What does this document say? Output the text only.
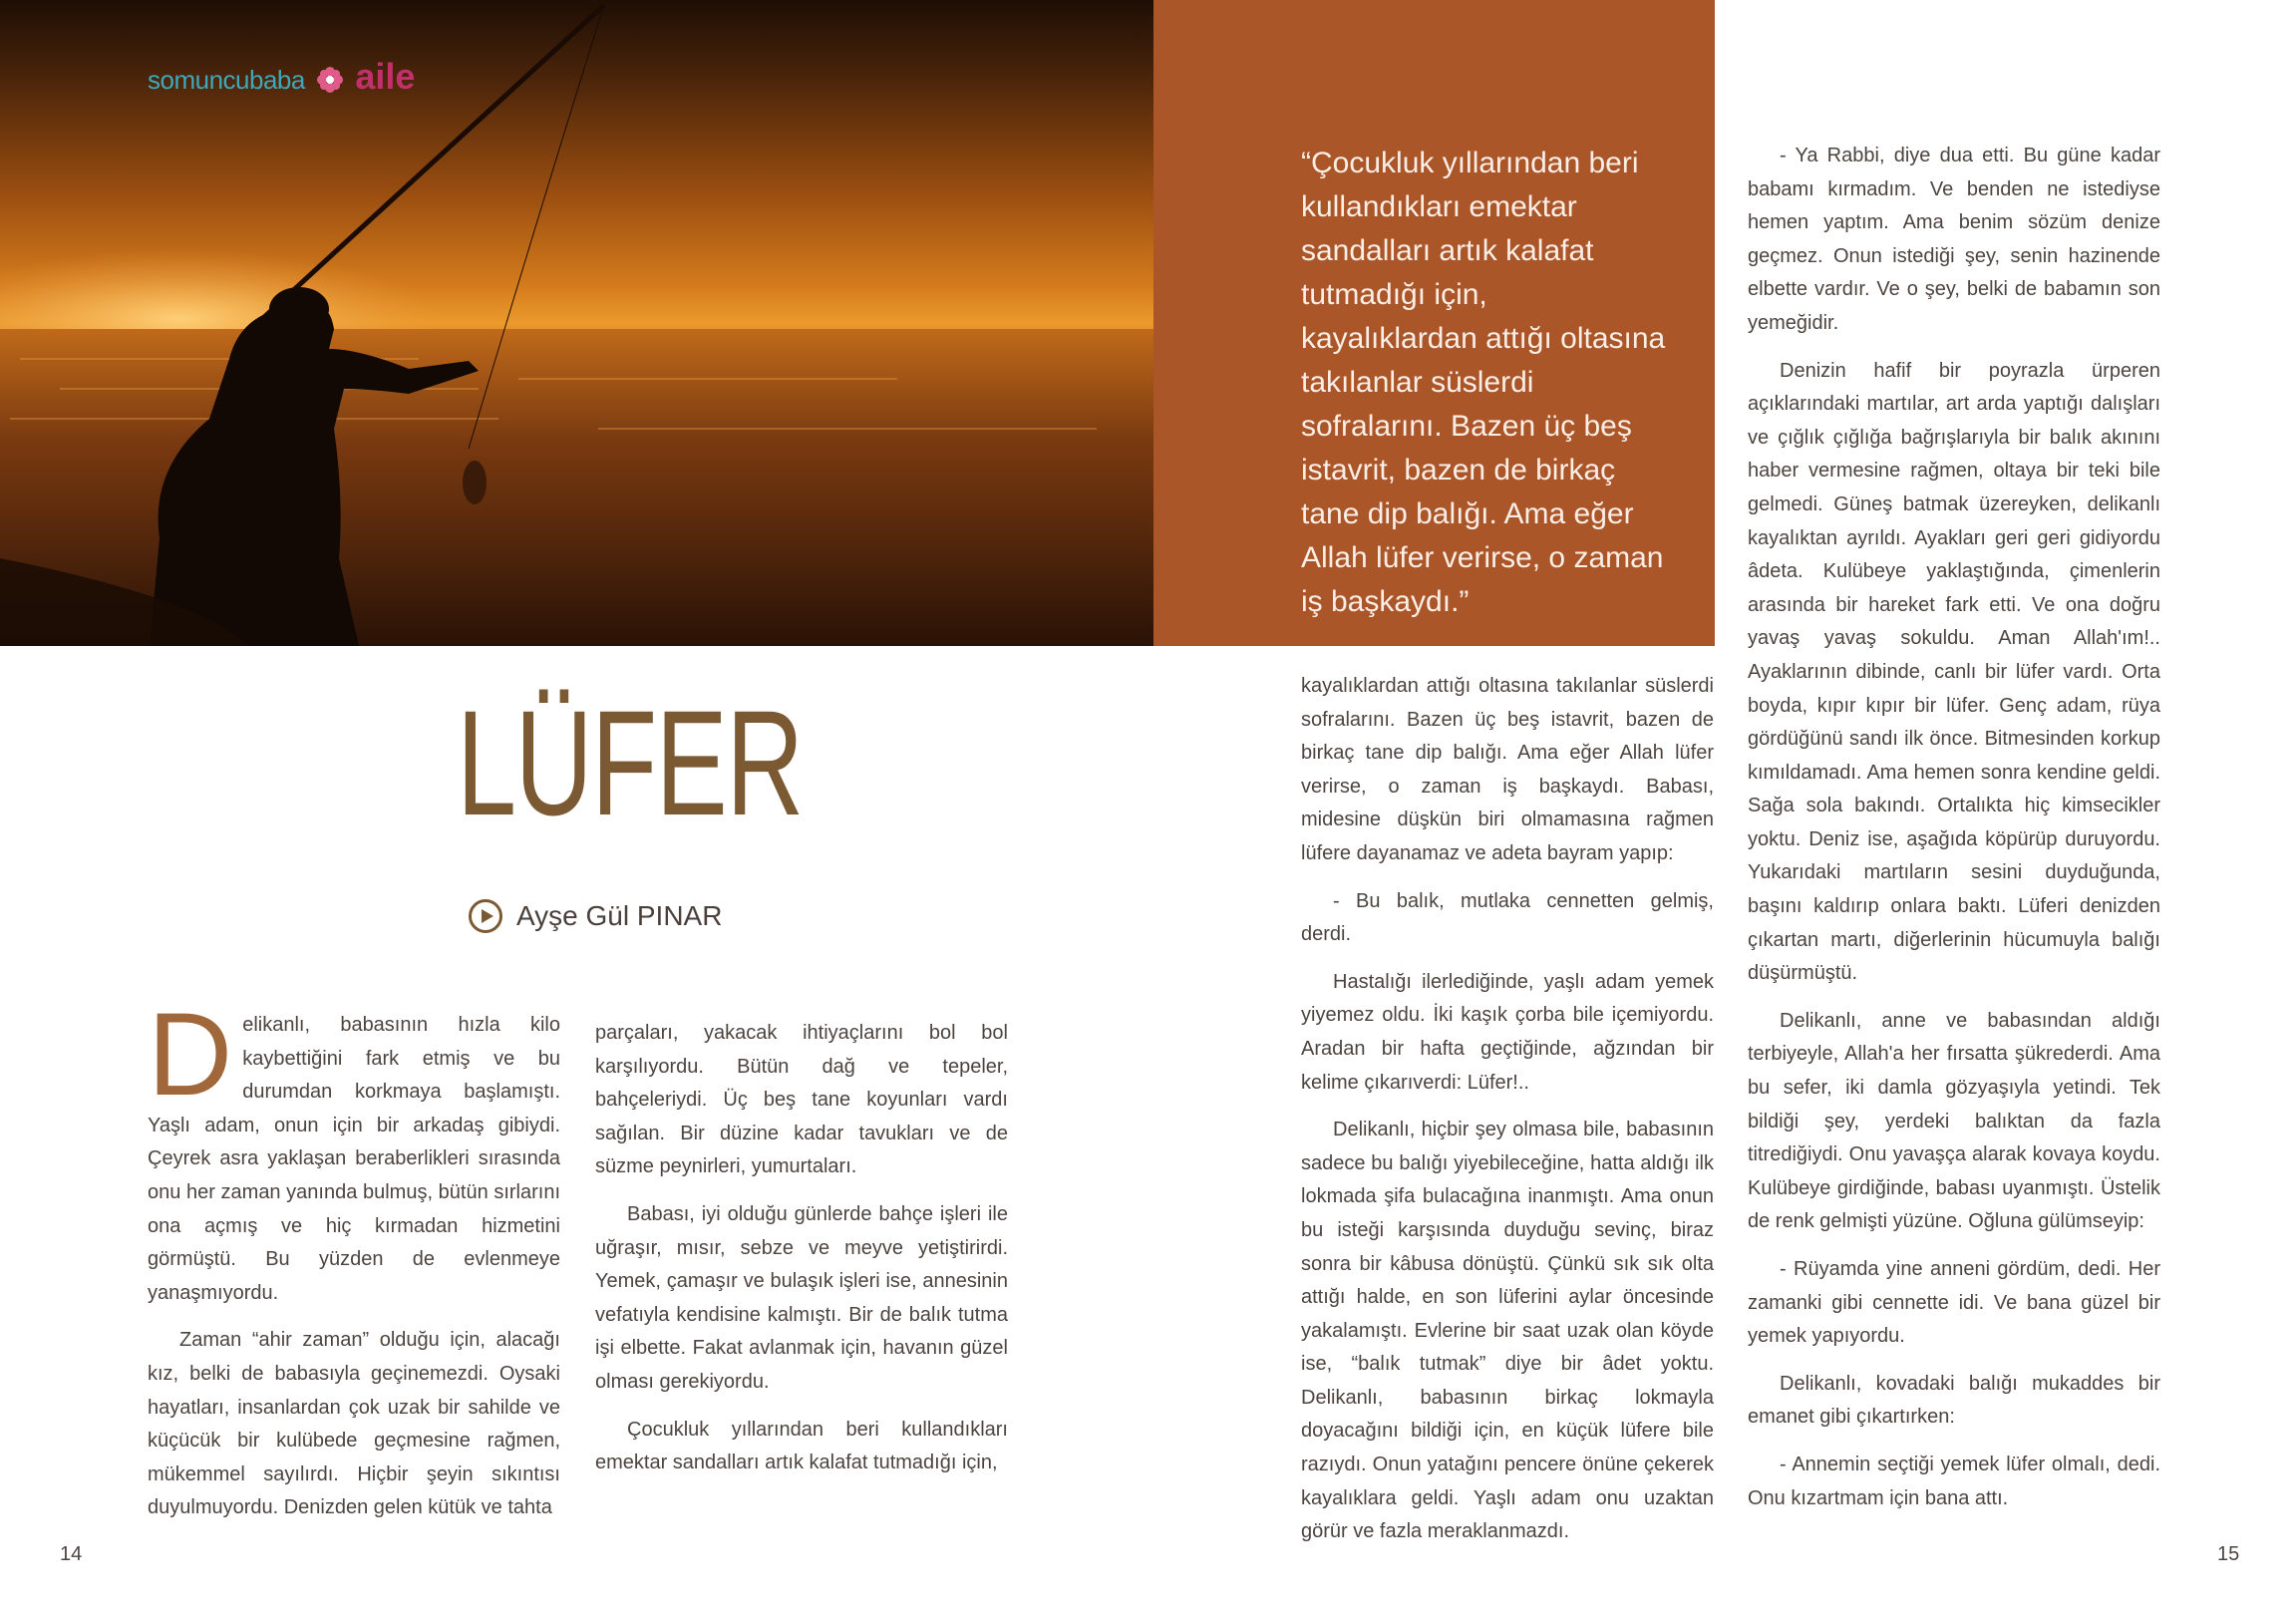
somuncubaba aile
“Çocukluk yıllarından beri kullandıkları emektar sandalları artık kalafat tutmadığı için, kayalıklardan attığı oltasına takılanlar süslerdi sofralarını. Bazen üç beş istavrit, bazen de birkaç tane dip balığı. Ama eğer Allah lüfer verirse, o zaman iş başkaydı.”
LÜFER
Ayşe Gül PINAR

Delikanlı, babasının hızla kilo kaybettiğini fark etmiş ve bu durumdan korkmaya başlamıştı. Yaşlı adam, onun için bir arkadaş gibiydi. Çeyrek asra yaklaşan beraberlikleri sırasında onu her zaman yanında bulmuş, bütün sırlarını ona açmış ve hiç kırmadan hizmetini görmüştü. Bu yüzden de evlenmeye yanaşmıyordu.

Zaman “ahir zaman” olduğu için, alacağı kız, belki de babasıyla geçinemezdi. Oysaki hayatları, insanlardan çok uzak bir sahilde ve küçücük bir kulübede geçmesine rağmen, mükemmel sayılırdı. Hiçbir şeyin sıkıntısı duyulmuyordu. Denizden gelen kütük ve tahta

parçaları, yakacak ihtiyaçlarını bol bol karşılıyordu. Bütün dağ ve tepeler, bahçeleriydi. Üç beş tane koyunları vardı sağılan. Bir düzine kadar tavukları ve de süzme peynirleri, yumurtaları.

Babası, iyi olduğu günlerde bahçe işleri ile uğraşır, mısır, sebze ve meyve yetiştirirdi. Yemek, çamaşır ve bulaşık işleri ise, annesinin vefatıyla kendisine kalmıştı. Bir de balık tutma işi elbette. Fakat avlanmak için, havanın güzel olması gerekiyordu.

Çocukluk yıllarından beri kullandıkları emektar sandalları artık kalafat tutmadığı için,

kayalıklardan attığı oltasına takılanlar süslerdi sofralarını. Bazen üç beş istavrit, bazen de birkaç tane dip balığı. Ama eğer Allah lüfer verirse, o zaman iş başkaydı. Babası, midesine düşkün biri olmamasına rağmen lüfere dayanamaz ve adeta bayram yapıp:

- Bu balık, mutlaka cennetten gelmiş, derdi.

Hastalığı ilerlediğinde, yaşlı adam yemek yiyemez oldu. İki kaşık çorba bile içemiyordu. Aradan bir hafta geçtiğinde, ağzından bir kelime çıkarıverdi: Lüfer!..

Delikanlı, hiçbir şey olmasa bile, babasının sadece bu balığı yiyebileceğine, hatta aldığı ilk lokmada şifa bulacağına inanmıştı. Ama onun bu isteği karşısında duyduğu sevinç, biraz sonra bir kâbusa dönüştü. Çünkü sık sık olta attığı halde, en son lüferini aylar öncesinde yakalamıştı. Evlerine bir saat uzak olan köyde ise, “balık tutmak” diye bir âdet yoktu. Delikanlı, babasının birkaç lokmayla doyacağını bildiği için, en küçük lüfere bile razıydı. Onun yatağını pencere önüne çekerek kayalıklara geldi. Yaşlı adam onu uzaktan görür ve fazla meraklanmazdı.

- Ya Rabbi, diye dua etti. Bu güne kadar babamı kırmadım. Ve benden ne istediyse hemen yaptım. Ama benim sözüm denize geçmez. Onun istediği şey, senin hazinende elbette vardır. Ve o şey, belki de babamın son yemeğidir.

Denizin hafif bir poyrazla ürperen açıklarındaki martılar, art arda yaptığı dalışları ve çığlık çığlığa bağrışlarıyla bir balık akınını haber vermesine rağmen, oltaya bir teki bile gelmedi. Güneş batmak üzereyken, delikanlı kayalıktan ayrıldı. Ayakları geri geri gidiyordu âdeta. Kulübeye yaklaştığında, çimenlerin arasında bir hareket fark etti. Ve ona doğru yavaş yavaş sokuldu. Aman Allah'ım!.. Ayaklarının dibinde, canlı bir lüfer vardı. Orta boyda, kıpır kıpır bir lüfer. Genç adam, rüya gördüğünü sandı ilk önce. Bitmesinden korkup kımıldamadı. Ama hemen sonra kendine geldi. Sağa sola bakındı. Ortalıkta hiç kimsecikler yoktu. Deniz ise, aşağıda köpürüp duruyordu. Yukarıdaki martıların sesini duyduğunda, başını kaldırıp onlara baktı. Lüferi denizden çıkartan martı, diğerlerinin hücumuyla balığı düşürmüştü.

Delikanlı, anne ve babasından aldığı terbiyeyle, Allah'a her fırsatta şükrederdi. Ama bu sefer, iki damla gözyaşıyla yetindi. Tek bildiği şey, yerdeki balıktan da fazla titrediğiydi. Onu yavaşça alarak kovaya koydu. Kulübeye girdiğinde, babası uyanmıştı. Üstelik de renk gelmişti yüzüne. Oğluna gülümseyip:

- Rüyamda yine anneni gördüm, dedi. Her zamanki gibi cennette idi. Ve bana güzel bir yemek yapıyordu.

Delikanlı, kovadaki balığı mukaddes bir emanet gibi çıkartırken:

- Annemin seçtiği yemek lüfer olmalı, dedi. Onu kızartmam için bana attı.

14	15
